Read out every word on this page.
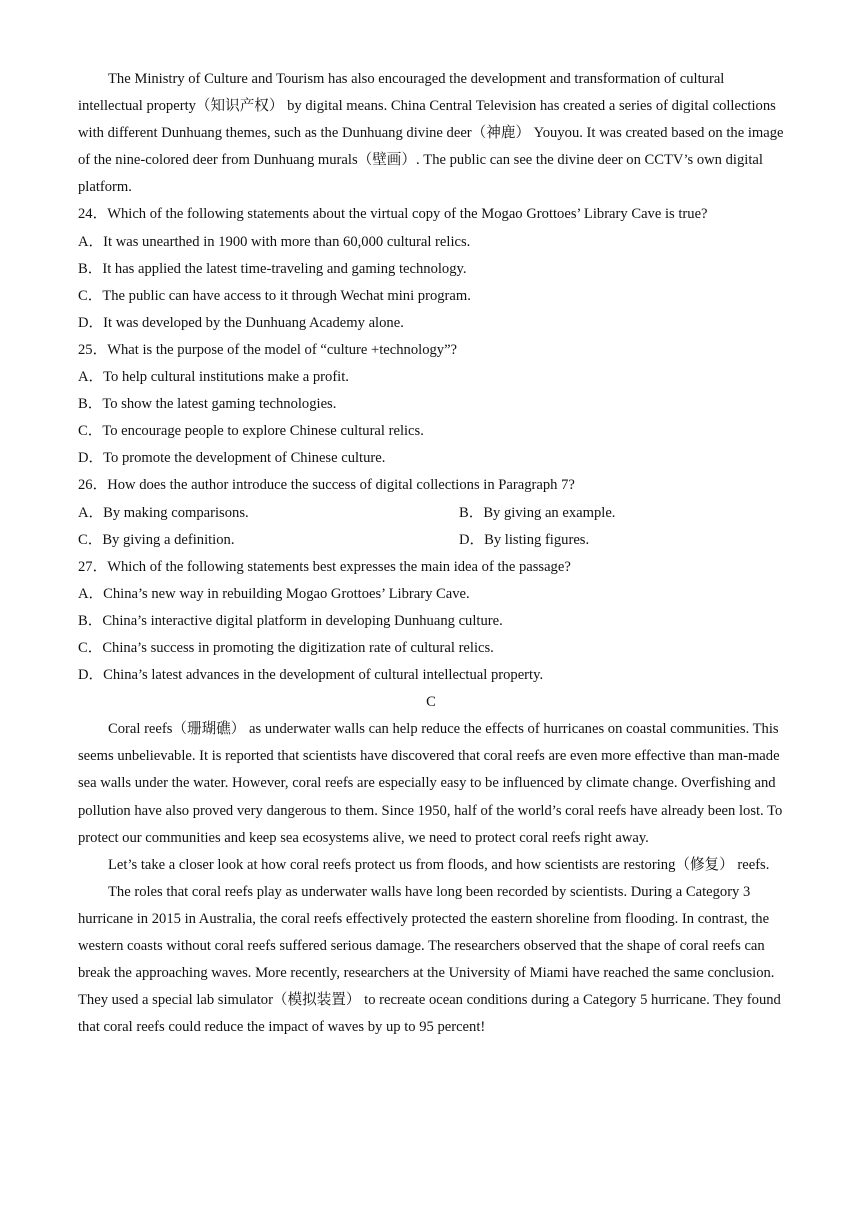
The Ministry of Culture and Tourism has also encouraged the development and transformation of cultural intellectual property（知识产权） by digital means. China Central Television has created a series of digital collections with different Dunhuang themes, such as the Dunhuang divine deer（神鹿） Youyou. It was created based on the image of the nine-colored deer from Dunhuang murals（壁画）. The public can see the divine deer on CCTV’s own digital platform.

24．Which of the following statements about the virtual copy of the Mogao Grottoes’ Library Cave is true?

A．It was unearthed in 1900 with more than 60,000 cultural relics.

B．It has applied the latest time-traveling and gaming technology.

C．The public can have access to it through Wechat mini program.

D．It was developed by the Dunhuang Academy alone.

25．What is the purpose of the model of “culture +technology”?

A．To help cultural institutions make a profit.

B．To show the latest gaming technologies.

C．To encourage people to explore Chinese cultural relics.

D．To promote the development of Chinese culture.

26．How does the author introduce the success of digital collections in Paragraph 7?

A．By making comparisons.	B．By giving an example.
C．By giving a definition.	D．By listing figures.

27．Which of the following statements best expresses the main idea of the passage?

A．China’s new way in rebuilding Mogao Grottoes’ Library Cave.

B．China’s interactive digital platform in developing Dunhuang culture.

C．China’s success in promoting the digitization rate of cultural relics.

D．China’s latest advances in the development of cultural intellectual property.

C

Coral reefs（珊瑚礁） as underwater walls can help reduce the effects of hurricanes on coastal communities. This seems unbelievable. It is reported that scientists have discovered that coral reefs are even more effective than man-made sea walls under the water. However, coral reefs are especially easy to be influenced by climate change. Overfishing and pollution have also proved very dangerous to them. Since 1950, half of the world’s coral reefs have already been lost. To protect our communities and keep sea ecosystems alive, we need to protect coral reefs right away.

Let’s take a closer look at how coral reefs protect us from floods, and how scientists are restoring（修复） reefs.

The roles that coral reefs play as underwater walls have long been recorded by scientists. During a Category 3 hurricane in 2015 in Australia, the coral reefs effectively protected the eastern shoreline from flooding. In contrast, the western coasts without coral reefs suffered serious damage. The researchers observed that the shape of coral reefs can break the approaching waves. More recently, researchers at the University of Miami have reached the same conclusion. They used a special lab simulator（模拟装置） to recreate ocean conditions during a Category 5 hurricane. They found that coral reefs could reduce the impact of waves by up to 95 percent!
